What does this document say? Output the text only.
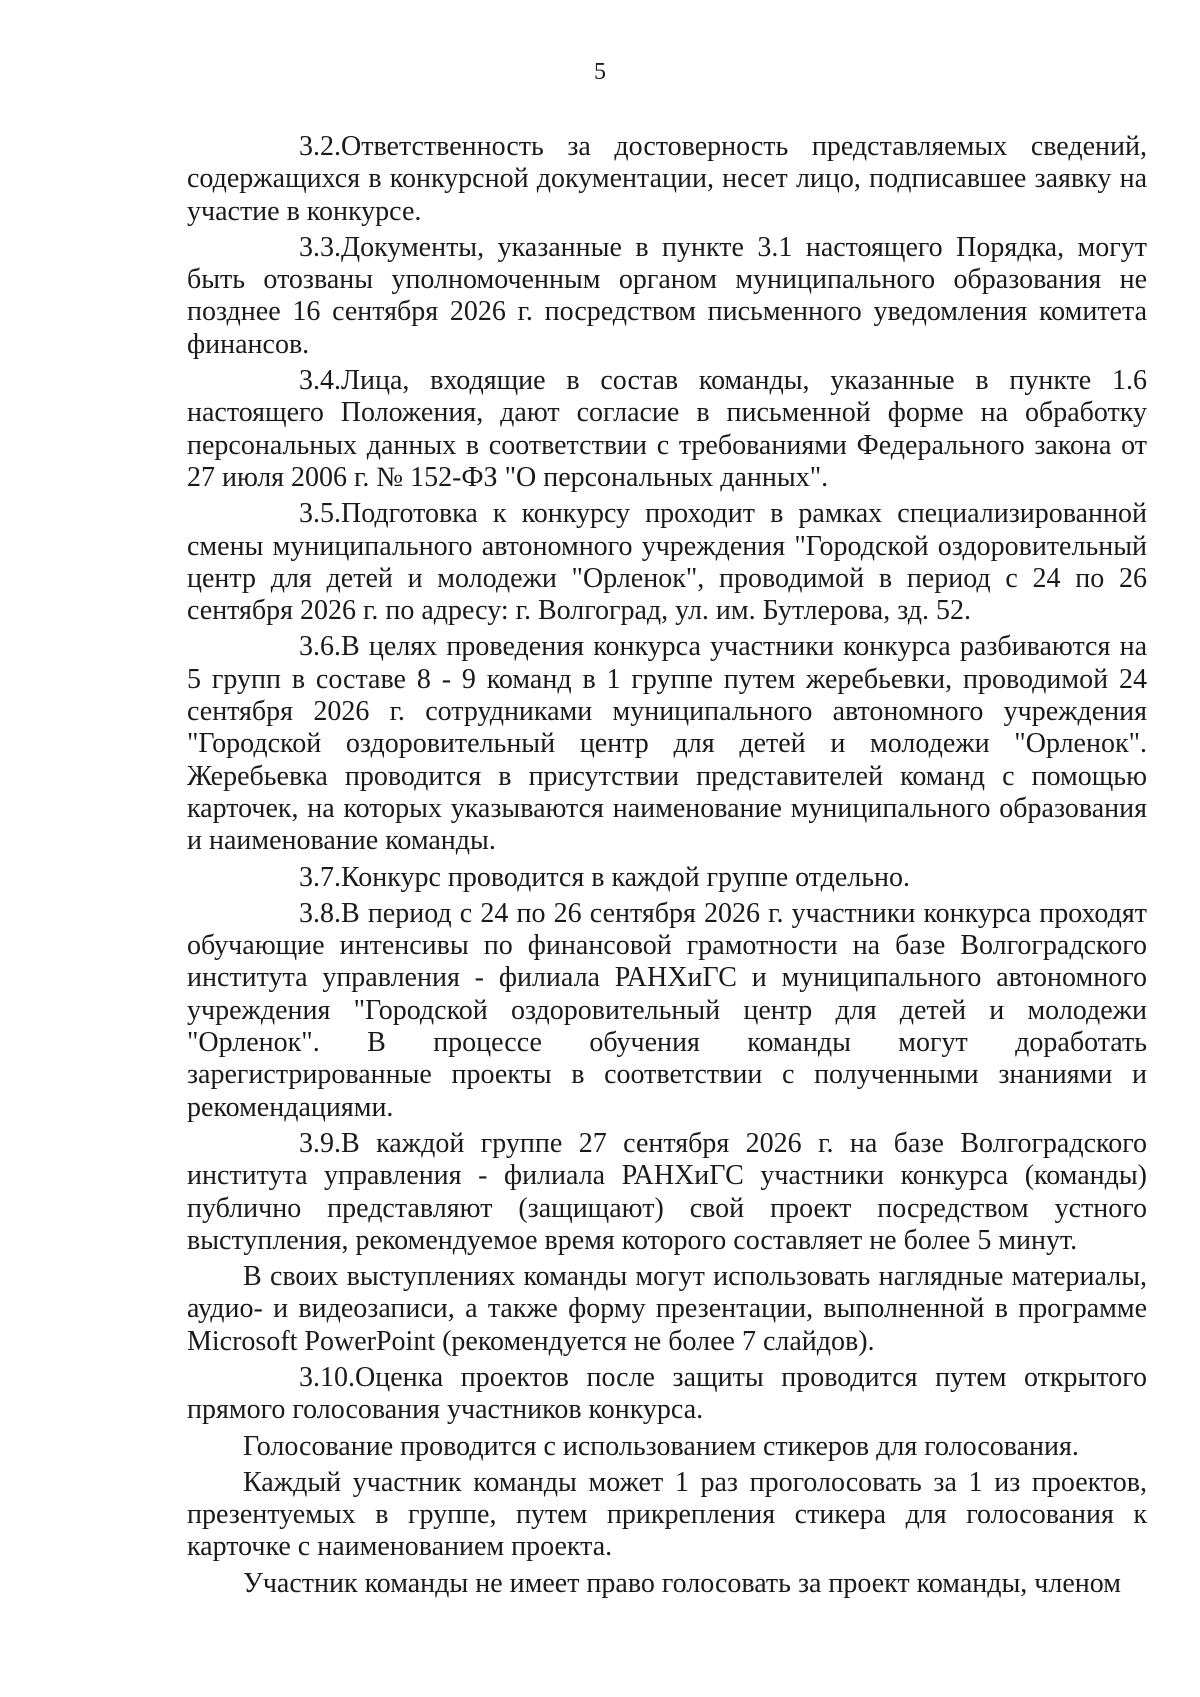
5

3.2.Ответственность за достоверность представляемых сведений, содержащихся в конкурсной документации, несет лицо, подписавшее заявку на участие в конкурсе.

3.3.Документы, указанные в пункте 3.1 настоящего Порядка, могут быть отозваны уполномоченным органом муниципального образования не позднее 16 сентября 2026 г. посредством письменного уведомления комитета финансов.

3.4.Лица, входящие в состав команды, указанные в пункте 1.6 настоящего Положения, дают согласие в письменной форме на обработку персональных данных в соответствии с требованиями Федерального закона от 27 июля 2006 г. № 152-ФЗ "О персональных данных".

3.5.Подготовка к конкурсу проходит в рамках специализированной смены муниципального автономного учреждения "Городской оздоровительный центр для детей и молодежи "Орленок", проводимой в период с 24 по 26 сентября 2026 г. по адресу: г. Волгоград, ул. им. Бутлерова, зд. 52.

3.6.В целях проведения конкурса участники конкурса разбиваются на 5 групп в составе 8 - 9 команд в 1 группе путем жеребьевки, проводимой 24 сентября 2026 г. сотрудниками муниципального автономного учреждения "Городской оздоровительный центр для детей и молодежи "Орленок". Жеребьевка проводится в присутствии представителей команд с помощью карточек, на которых указываются наименование муниципального образования и наименование команды.

3.7.Конкурс проводится в каждой группе отдельно.

3.8.В период с 24 по 26 сентября 2026 г. участники конкурса проходят обучающие интенсивы по финансовой грамотности на базе Волгоградского института управления - филиала РАНХиГС и муниципального автономного учреждения "Городской оздоровительный центр для детей и молодежи "Орленок". В процессе обучения команды могут доработать зарегистрированные проекты в соответствии с полученными знаниями и рекомендациями.

3.9.В каждой группе 27 сентября 2026 г. на базе Волгоградского института управления - филиала РАНХиГС участники конкурса (команды) публично представляют (защищают) свой проект посредством устного выступления, рекомендуемое время которого составляет не более 5 минут.

В своих выступлениях команды могут использовать наглядные материалы, аудио- и видеозаписи, а также форму презентации, выполненной в программе Microsoft PowerPoint (рекомендуется не более 7 слайдов).

3.10.Оценка проектов после защиты проводится путем открытого прямого голосования участников конкурса.

Голосование проводится с использованием стикеров для голосования.

Каждый участник команды может 1 раз проголосовать за 1 из проектов, презентуемых в группе, путем прикрепления стикера для голосования к карточке с наименованием проекта.

Участник команды не имеет право голосовать за проект команды, членом
